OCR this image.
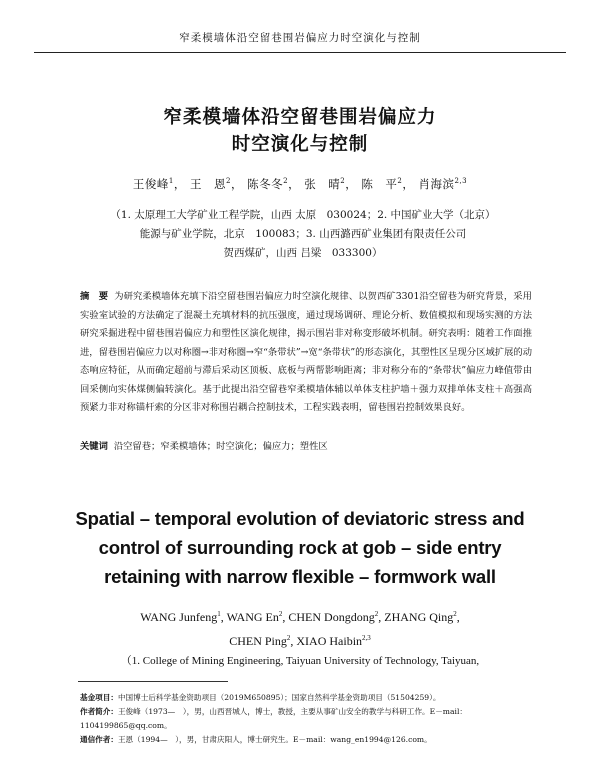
窄柔模墙体沿空留巷围岩偏应力时空演化与控制
窄柔模墙体沿空留巷围岩偏应力
时空演化与控制
王俊峰$^1$， 王　恩$^2$， 陈冬冬$^2$， 张　晴$^2$， 陈　平$^2$， 肖海滨$^{2,3}$
（1. 太原理工大学矿业工程学院，山西 太原　030024；2. 中国矿业大学（北京）
能源与矿业学院，北京　100083；3. 山西潞西矿业集团有限责任公司
贺西煤矿，山西 吕梁　033300）
摘　要 为研究柔模墙体充填下沿空留巷围岩偏应力时空演化规律、以贺西矿3301沿空留巷为研究背景，采用实验室试验的方法确定了混凝土充填材料的抗压强度，通过现场调研、理论分析、数值模拟和现场实测的方法研究采掘进程中留巷围岩偏应力和塑性区演化规律，揭示围岩非对称变形破坏机制。研究表明：随着工作面推进，留巷围岩偏应力以对称圈→非对称圈→窄“条带状”→宽“条带状”的形态演化，其塑性区呈现分区域扩展的动态响应特征，从而确定超前与滞后采动区顶板、底板与两帮影响距离；非对称分布的“条带状”偏应力峰值带由回采侧向实体煤侧偏转演化。基于此提出沿空留巷窄柔模墙体辅以单体支柱护墙＋强力双排单体支柱＋高强高预紧力非对称锚杆索的分区非对称围岩耦合控制技术，工程实践表明，留巷围岩控制效果良好。
关键词 沿空留巷；窄柔模墙体；时空演化；偏应力；塑性区
Spatial – temporal evolution of deviatoric stress and
control of surrounding rock at gob – side entry
retaining with narrow flexible – formwork wall
WANG Junfeng$^1$, WANG En$^2$, CHEN Dongdong$^2$, ZHANG Qing$^2$,
CHEN Ping$^2$, XIAO Haibin$^{2,3}$
（1. College of Mining Engineering, Taiyuan University of Technology, Taiyuan,
基金项目：中国博士后科学基金资助项目（2019M650895）；国家自然科学基金资助项目（51504259）。
作者简介：王俊峰（1973—　），男，山西晋城人，博士，教授，主要从事矿山安全的教学与科研工作。E－mail：1104199865@qq.com。
通信作者：王恩（1994—　），男，甘肃庆阳人，博士研究生。E－mail：wang_en1994@126.com。
